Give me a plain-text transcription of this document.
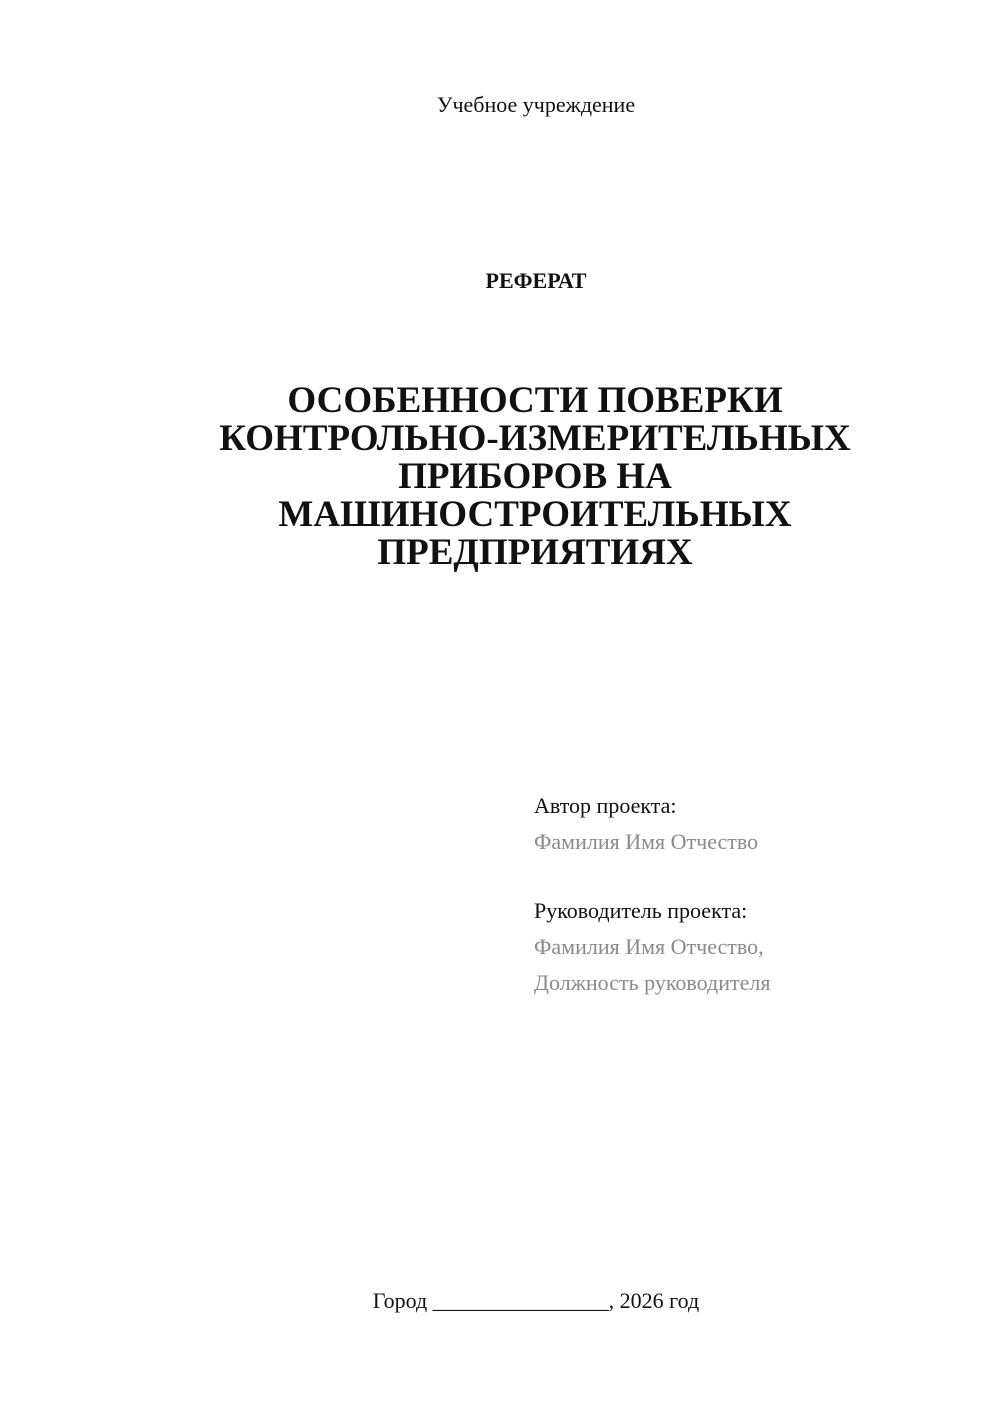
Учебное учреждение
РЕФЕРАТ
ОСОБЕННОСТИ ПОВЕРКИ
КОНТРОЛЬНО-ИЗМЕРИТЕЛЬНЫХ
ПРИБОРОВ НА
МАШИНОСТРОИТЕЛЬНЫХ
ПРЕДПРИЯТИЯХ
Автор проекта:
Фамилия Имя Отчество
Руководитель проекта:
Фамилия Имя Отчество,
Должность руководителя
Город ________________, 2026 год
